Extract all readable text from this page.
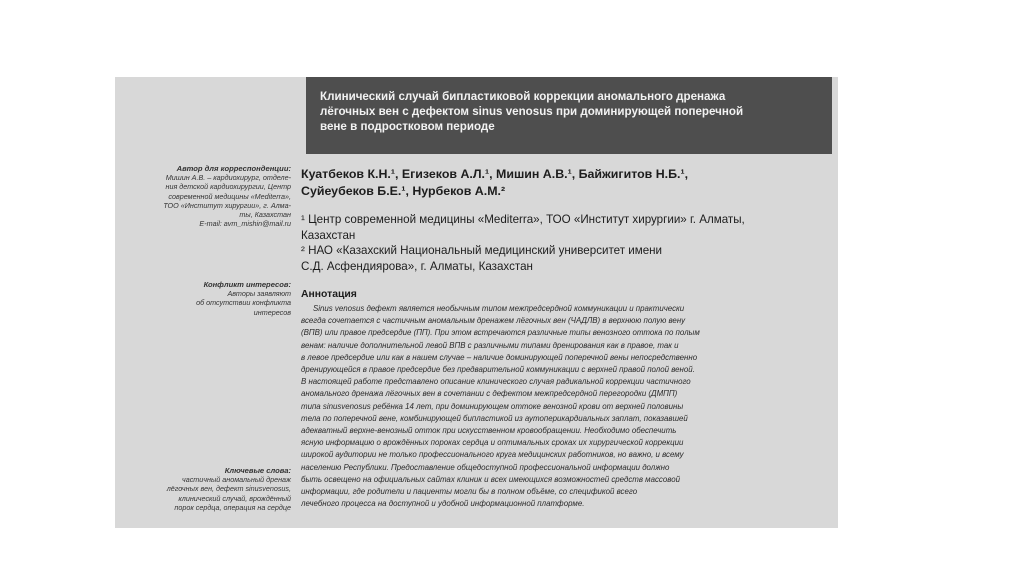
Клинический случай бипластиковой коррекции аномального дренажа
лёгочных вен с дефектом sinus venosus при доминирующей поперечной
вене в подростковом периоде
Автор для корреспонденции:
Мишин А.В. – кардиохирург, отделе-
ния детской кардиохирургии, Центр
современной медицины «Mediterra»,
ТОО «Институт хирургии», г. Алма-
ты, Казахстан
E-mail: avm_mishin@mail.ru
Конфликт интересов:
Авторы заявляют
об отсутствии конфликта
интересов
Ключевые слова:
частичный аномальный дренаж
лёгочных вен, дефект sinusvenosus,
клинический случай, врождённый
порок сердца, операция на сердце
Куатбеков К.Н.¹, Егизеков А.Л.¹, Мишин А.В.¹, Байжигитов Н.Б.¹,
Суйеубеков Б.Е.¹, Нурбеков А.М.²
¹ Центр современной медицины «Mediterra», ТОО «Институт хирургии» г. Алматы,
Казахстан
² НАО «Казахский Национальный медицинский университет имени
С.Д. Асфендиярова», г. Алматы, Казахстан
Аннотация
Sinus venosus дефект является необычным типом межпредсердной коммуникации и практически
всегда сочетается с частичным аномальным дренажем лёгочных вен (ЧАДЛВ) в верхнюю полую вену
(ВПВ) или правое предсердие (ПП). При этом встречаются различные типы венозного оттока по полым
венам: наличие дополнительной левой ВПВ с различными типами дренирования как в правое, так и
в левое предсердие или как в нашем случае – наличие доминирующей поперечной вены непосредственно
дренирующейся в правое предсердие без предварительной коммуникации с верхней правой полой веной.
В настоящей работе представлено описание клинического случая радикальной коррекции частичного
аномального дренажа лёгочных вен в сочетании с дефектом межпредсердной перегородки (ДМПП)
типа sinusvenosus ребёнка 14 лет, при доминирующем оттоке венозной крови от верхней половины
тела по поперечной вене, комбинирующей бипластикой из аутоперикардиальных заплат, показавшей
адекватный верхне-венозный отток при искусственном кровообращении. Необходимо обеспечить
ясную информацию о врождённых пороках сердца и оптимальных сроках их хирургической коррекции
широкой аудитории не только профессионального круга медицинских работников, но важно, и всему
населению Республики. Предоставление общедоступной профессиональной информации должно
быть освещено на официальных сайтах клиник и всех имеющихся возможностей средств массовой
информации, где родители и пациенты могли бы в полном объёме, со спецификой всего
лечебного процесса на доступной и удобной информационной платформе.
